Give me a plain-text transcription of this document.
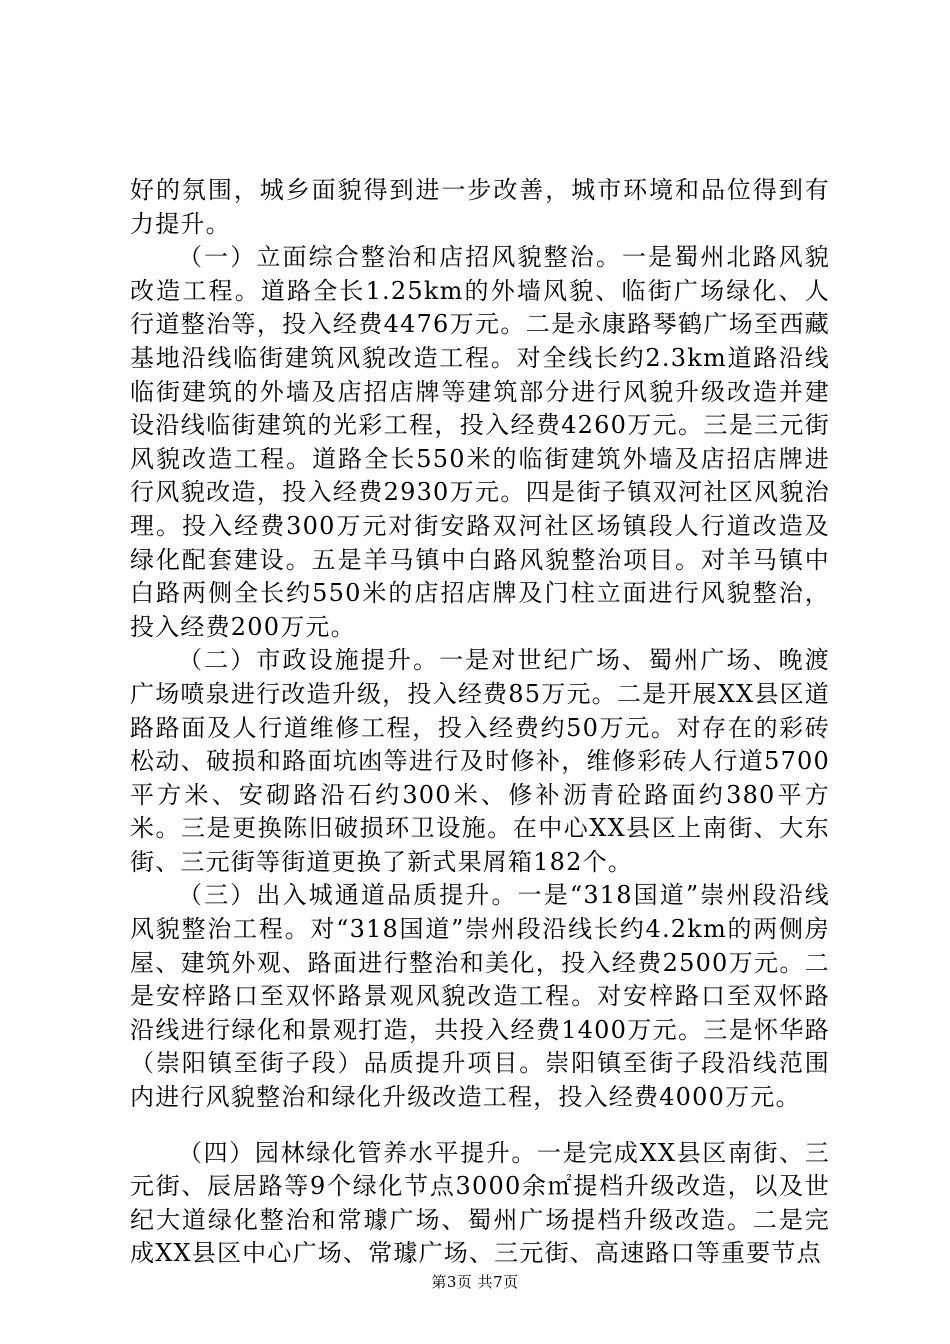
好的氛围，城乡面貌得到进一步改善，城市环境和品位得到有力提升。

（一）立面综合整治和店招风貌整治。一是蜀州北路风貌改造工程。道路全长1.25km的外墙风貌、临街广场绿化、人行道整治等，投入经费4476万元。二是永康路琴鹤广场至西藏基地沿线临街建筑风貌改造工程。对全线长约2.3km道路沿线临街建筑的外墙及店招店牌等建筑部分进行风貌升级改造并建设沿线临街建筑的光彩工程，投入经费4260万元。三是三元街风貌改造工程。道路全长550米的临街建筑外墙及店招店牌进行风貌改造，投入经费2930万元。四是街子镇双河社区风貌治理。投入经费300万元对街安路双河社区场镇段人行道改造及绿化配套建设。五是羊马镇中白路风貌整治项目。对羊马镇中白路两侧全长约550米的店招店牌及门柱立面进行风貌整治，投入经费200万元。

（二）市政设施提升。一是对世纪广场、蜀州广场、晚渡广场喷泉进行改造升级，投入经费85万元。二是开展XX县区道路路面及人行道维修工程，投入经费约50万元。对存在的彩砖松动、破损和路面坑凼等进行及时修补，维修彩砖人行道5700平方米、安砌路沿石约300米、修补沥青砼路面约380平方米。三是更换陈旧破损环卫设施。在中心XX县区上南街、大东街、三元街等街道更换了新式果屑箱182个。

（三）出入城通道品质提升。一是“318国道”崇州段沿线风貌整治工程。对“318国道”崇州段沿线长约4.2km的两侧房屋、建筑外观、路面进行整治和美化，投入经费2500万元。二是安梓路口至双怀路景观风貌改造工程。对安梓路口至双怀路沿线进行绿化和景观打造，共投入经费1400万元。三是怀华路（崇阳镇至街子段）品质提升项目。崇阳镇至街子段沿线范围内进行风貌整治和绿化升级改造工程，投入经费4000万元。

（四）园林绿化管养水平提升。一是完成XX县区南街、三元街、辰居路等9个绿化节点3000余㎡提档升级改造，以及世纪大道绿化整治和常璩广场、蜀州广场提档升级改造。二是完成XX县区中心广场、常璩广场、三元街、高速路口等重要节点

第3页 共7页
